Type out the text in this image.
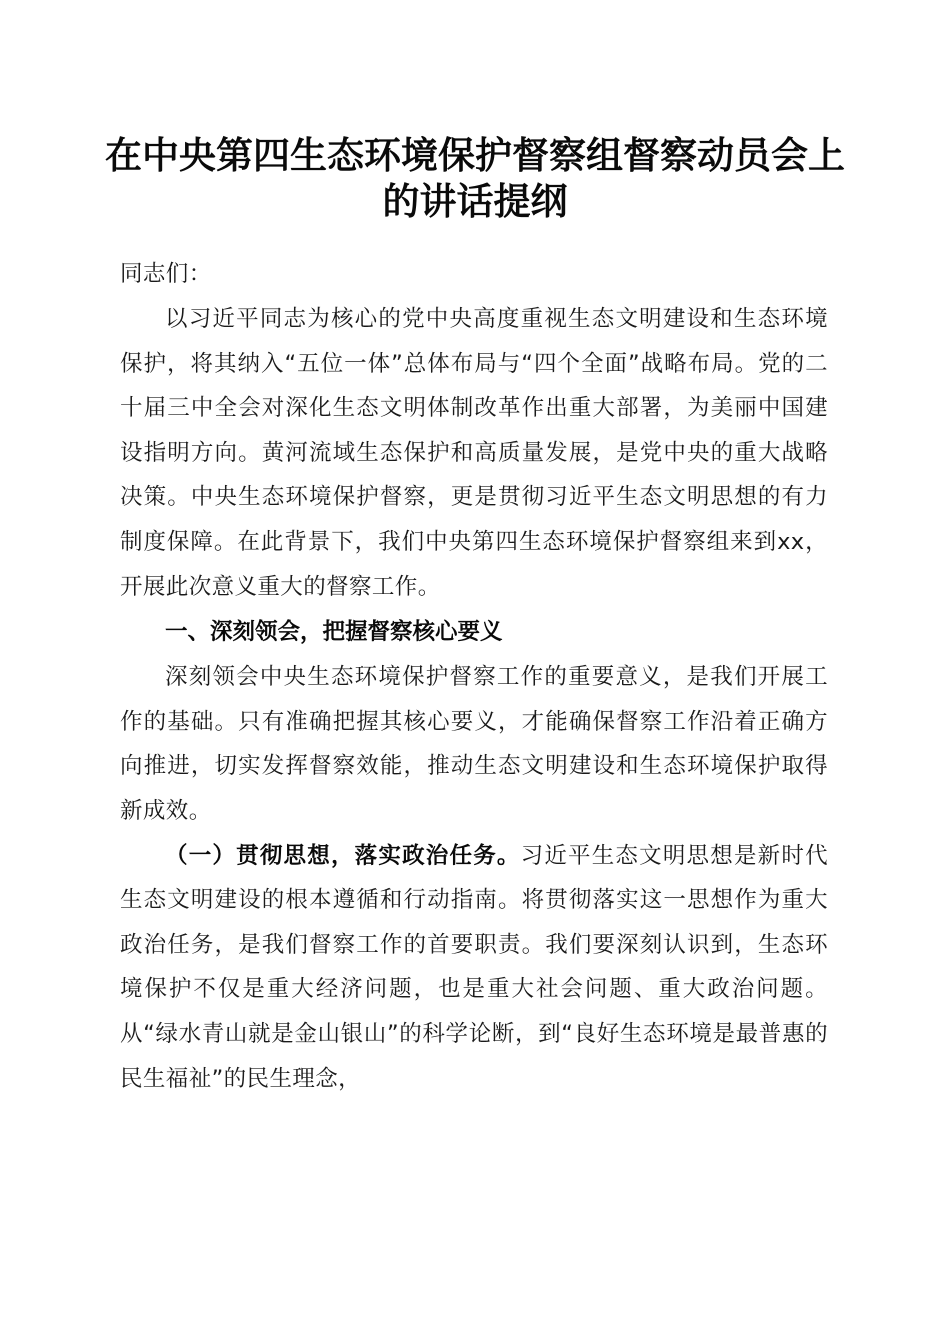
在中央第四生态环境保护督察组督察动员会上
的讲话提纲

同志们：

以习近平同志为核心的党中央高度重视生态文明建设和生态环境保护，将其纳入“五位一体”总体布局与“四个全面”战略布局。党的二十届三中全会对深化生态文明体制改革作出重大部署，为美丽中国建设指明方向。黄河流域生态保护和高质量发展，是党中央的重大战略决策。中央生态环境保护督察，更是贯彻习近平生态文明思想的有力制度保障。在此背景下，我们中央第四生态环境保护督察组来到xx，开展此次意义重大的督察工作。

一、深刻领会，把握督察核心要义

深刻领会中央生态环境保护督察工作的重要意义，是我们开展工作的基础。只有准确把握其核心要义，才能确保督察工作沿着正确方向推进，切实发挥督察效能，推动生态文明建设和生态环境保护取得新成效。

（一）贯彻思想，落实政治任务。习近平生态文明思想是新时代生态文明建设的根本遵循和行动指南。将贯彻落实这一思想作为重大政治任务，是我们督察工作的首要职责。我们要深刻认识到，生态环境保护不仅是重大经济问题，也是重大社会问题、重大政治问题。从“绿水青山就是金山银山”的科学论断，到“良好生态环境是最普惠的民生福祉”的民生理念，
